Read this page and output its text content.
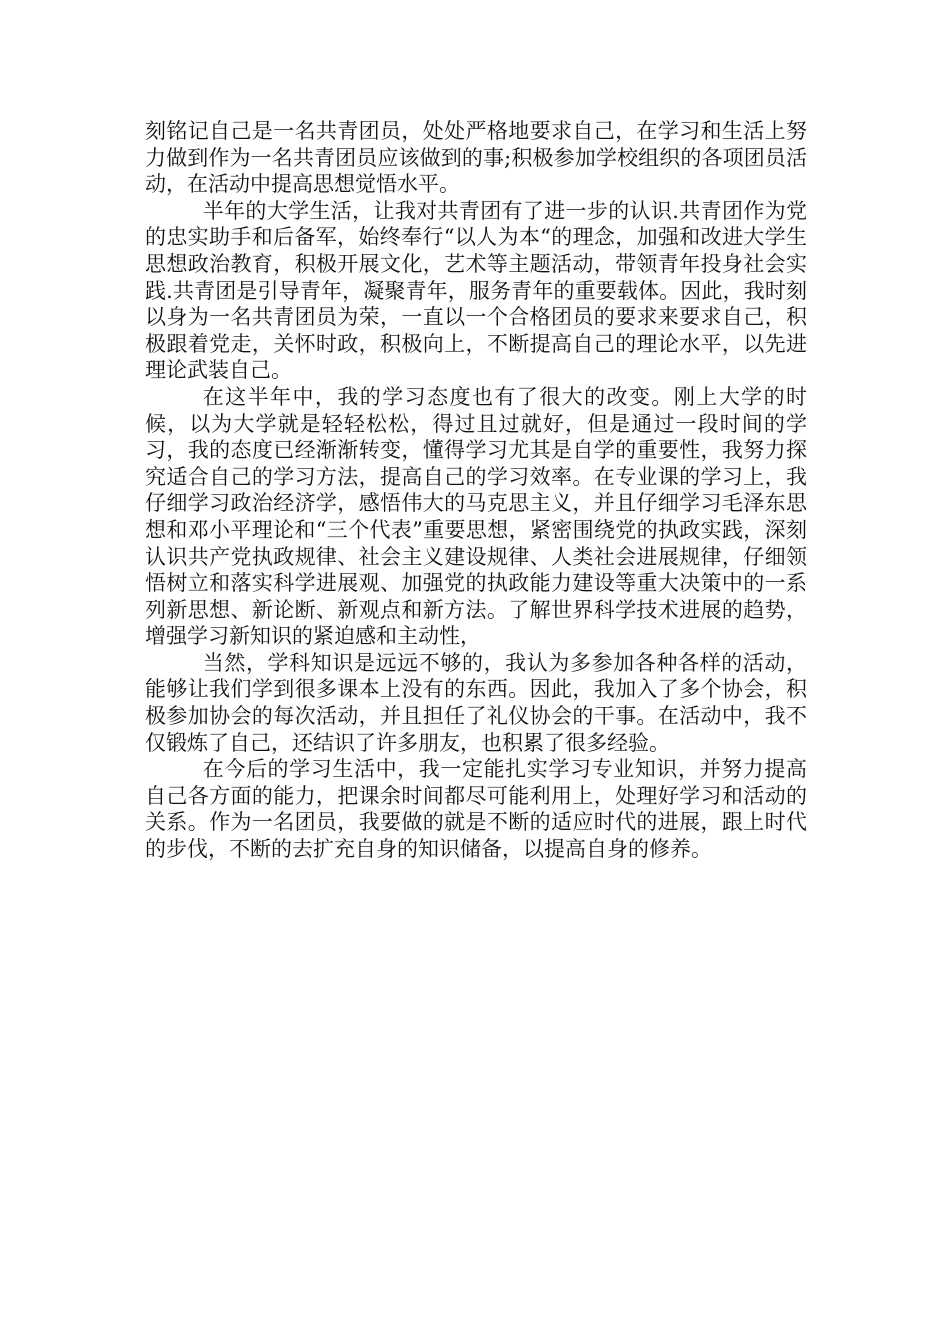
刻铭记自己是一名共青团员，处处严格地要求自己，在学习和生活上努力做到作为一名共青团员应该做到的事;积极参加学校组织的各项团员活动，在活动中提高思想觉悟水平。

半年的大学生活，让我对共青团有了进一步的认识.共青团作为党的忠实助手和后备军，始终奉行“以人为本“的理念，加强和改进大学生思想政治教育，积极开展文化，艺术等主题活动，带领青年投身社会实践.共青团是引导青年，凝聚青年，服务青年的重要载体。因此，我时刻以身为一名共青团员为荣，一直以一个合格团员的要求来要求自己，积极跟着党走，关怀时政，积极向上，不断提高自己的理论水平，以先进理论武装自己。

在这半年中，我的学习态度也有了很大的改变。刚上大学的时候，以为大学就是轻轻松松，得过且过就好，但是通过一段时间的学习，我的态度已经渐渐转变，懂得学习尤其是自学的重要性，我努力探究适合自己的学习方法，提高自己的学习效率。在专业课的学习上，我仔细学习政治经济学，感悟伟大的马克思主义，并且仔细学习毛泽东思想和邓小平理论和“三个代表”重要思想，紧密围绕党的执政实践，深刻认识共产党执政规律、社会主义建设规律、人类社会进展规律，仔细领悟树立和落实科学进展观、加强党的执政能力建设等重大决策中的一系列新思想、新论断、新观点和新方法。了解世界科学技术进展的趋势，增强学习新知识的紧迫感和主动性，

当然，学科知识是远远不够的，我认为多参加各种各样的活动，能够让我们学到很多课本上没有的东西。因此，我加入了多个协会，积极参加协会的每次活动，并且担任了礼仪协会的干事。在活动中，我不仅锻炼了自己，还结识了许多朋友，也积累了很多经验。

在今后的学习生活中，我一定能扎实学习专业知识，并努力提高自己各方面的能力，把课余时间都尽可能利用上，处理好学习和活动的关系。作为一名团员，我要做的就是不断的适应时代的进展，跟上时代的步伐，不断的去扩充自身的知识储备，以提高自身的修养。
